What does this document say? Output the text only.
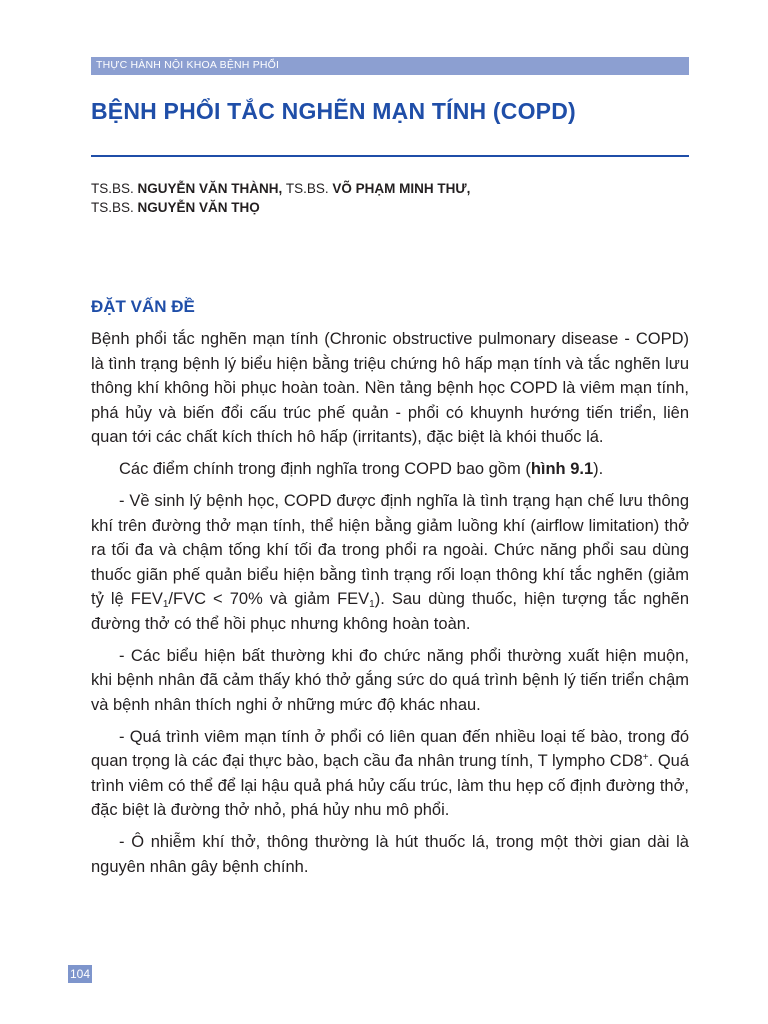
THỰC HÀNH NỘI KHOA BỆNH PHỔI
BỆNH PHỔI TẮC NGHẼN MẠN TÍNH (COPD)
TS.BS. NGUYỄN VĂN THÀNH, TS.BS. VÕ PHẠM MINH THƯ,
TS.BS. NGUYỄN VĂN THỌ
ĐẶT VẤN ĐỀ

Bệnh phổi tắc nghẽn mạn tính (Chronic obstructive pulmonary disease - COPD) là tình trạng bệnh lý biểu hiện bằng triệu chứng hô hấp mạn tính và tắc nghẽn lưu thông khí không hồi phục hoàn toàn. Nền tảng bệnh học COPD là viêm mạn tính, phá hủy và biến đổi cấu trúc phế quản - phổi có khuynh hướng tiến triển, liên quan tới các chất kích thích hô hấp (irritants), đặc biệt là khói thuốc lá.

Các điểm chính trong định nghĩa trong COPD bao gồm (hình 9.1).

- Về sinh lý bệnh học, COPD được định nghĩa là tình trạng hạn chế lưu thông khí trên đường thở mạn tính, thể hiện bằng giảm luồng khí (airflow limitation) thở ra tối đa và chậm tống khí tối đa trong phổi ra ngoài. Chức năng phổi sau dùng thuốc giãn phế quản biểu hiện bằng tình trạng rối loạn thông khí tắc nghẽn (giảm tỷ lệ $FEV_1$/FVC < 70% và giảm $FEV_1$). Sau dùng thuốc, hiện tượng tắc nghẽn đường thở có thể hồi phục nhưng không hoàn toàn.

- Các biểu hiện bất thường khi đo chức năng phổi thường xuất hiện muộn, khi bệnh nhân đã cảm thấy khó thở gắng sức do quá trình bệnh lý tiến triển chậm và bệnh nhân thích nghi ở những mức độ khác nhau.

- Quá trình viêm mạn tính ở phổi có liên quan đến nhiều loại tế bào, trong đó quan trọng là các đại thực bào, bạch cầu đa nhân trung tính, T lympho CD8+. Quá trình viêm có thể để lại hậu quả phá hủy cấu trúc, làm thu hẹp cố định đường thở, đặc biệt là đường thở nhỏ, phá hủy nhu mô phổi.

- Ô nhiễm khí thở, thông thường là hút thuốc lá, trong một thời gian dài là nguyên nhân gây bệnh chính.

104
